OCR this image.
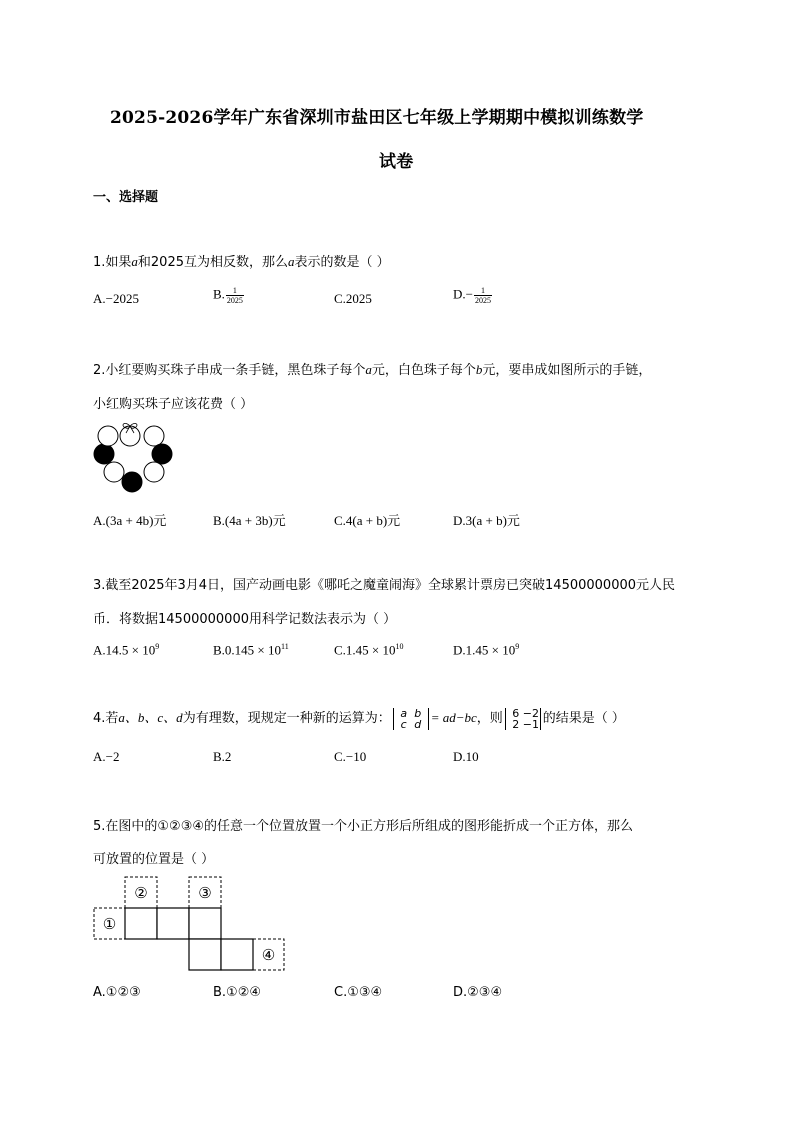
2025-2026学年广东省深圳市盐田区七年级上学期期中模拟训练数学
试卷
一、选择题
1.如果a和2025互为相反数，那么a表示的数是（ ）
A.−2025	B. $\frac{1}{2025}$	C.2025	$D.- \frac{1}{2025}$
2.小红要购买珠子串成一条手链，黑色珠子每个a元，白色珠子每个b元，要串成如图所示的手链，
小红购买珠子应该花费（ ）
A.(3a + 4b)元	B.(4a + 3b)元	C.4(a + b)元	D.3(a + b)元
3.截至2025年3月4日，国产动画电影《哪吒之魔童闹海》全球累计票房已突破14500000000元人民
币．将数据14500000000用科学记数法表示为（ ）
$A.14.5 \times 10^9$	$B.0.145 \times 10^{11}$	$C.1.45 \times 10^{10}$	$D.1.45 \times 10^9$
4.若a、b、c、d为有理数，现规定一种新的运算为： a b
c d = ad−bc，则 6 −2
2 −1 的结果是（ ）
A.−2	B.2	C.−10	D.10
5.在图中的①②③④的任意一个位置放置一个小正方形后所组成的图形能折成一个正方体，那么
可放置的位置是（ ）
①
②	③
④
A.①②③	B.①②④	C.①③④	D.②③④
